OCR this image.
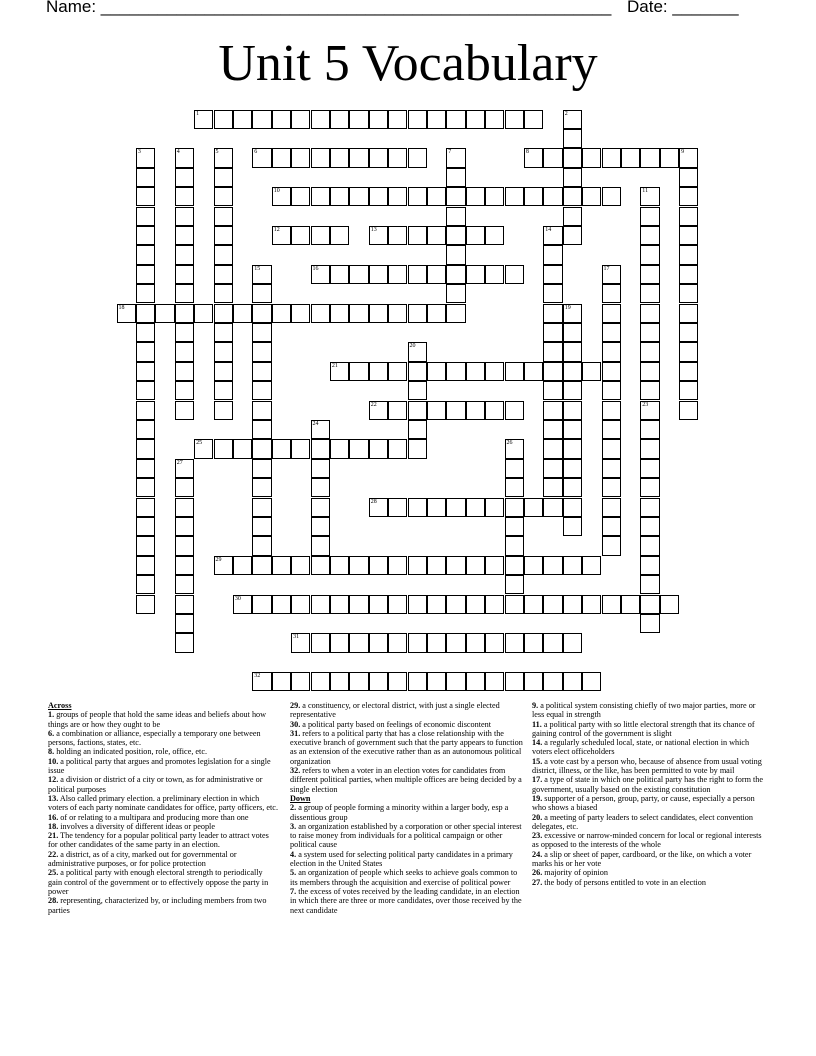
Name: ______________________________________________________ Date: _______
Unit 5 Vocabulary
1
6	8	9
10
12	13
16
18
21
22
25
28
29
30
31
32
2
3	4	5	7
11
23
14
15	17
19
20
24
26
27
Across
1. groups of people that hold the same ideas and beliefs about how things are or how they ought to be
6. a combination or alliance, especially a temporary one between persons, factions, states, etc.
8. holding an indicated position, role, office, etc.
10. a political party that argues and promotes legislation for a single issue
12. a division or district of a city or town, as for administrative or political purposes
13. Also called primary election. a preliminary election in which voters of each party nominate candidates for office, party officers, etc.
16. of or relating to a multipara and producing more than one
18. involves a diversity of different ideas or people
21. The tendency for a popular political party leader to attract votes for other candidates of the same party in an election.
22. a district, as of a city, marked out for governmental or administrative purposes, or for police protection
25. a political party with enough electoral strength to periodically gain control of the government or to effectively oppose the party in power
28. representing, characterized by, or including members from two parties
29. a constituency, or electoral district, with just a single elected representative
30. a political party based on feelings of economic discontent
31. refers to a political party that has a close relationship with the executive branch of government such that the party appears to function as an extension of the executive rather than as an autonomous political organization
32. refers to when a voter in an election votes for candidates from different political parties, when multiple offices are being decided by a single election
Down
2. a group of people forming a minority within a larger body, esp a dissentious group
3. an organization established by a corporation or other special interest to raise money from individuals for a political campaign or other political cause
4. a system used for selecting political party candidates in a primary election in the United States
5. an organization of people which seeks to achieve goals common to its members through the acquisition and exercise of political power
7. the excess of votes received by the leading candidate, in an election in which there are three or more candidates, over those received by the next candidate
9. a political system consisting chiefly of two major parties, more or less equal in strength
11. a political party with so little electoral strength that its chance of gaining control of the government is slight
14. a regularly scheduled local, state, or national election in which voters elect officeholders
15. a vote cast by a person who, because of absence from usual voting district, illness, or the like, has been permitted to vote by mail
17. a type of state in which one political party has the right to form the government, usually based on the existing constitution
19. supporter of a person, group, party, or cause, especially a person who shows a biased
20. a meeting of party leaders to select candidates, elect convention delegates, etc.
23. excessive or narrow-minded concern for local or regional interests as opposed to the interests of the whole
24. a slip or sheet of paper, cardboard, or the like, on which a voter marks his or her vote
26. majority of opinion
27. the body of persons entitled to vote in an election
